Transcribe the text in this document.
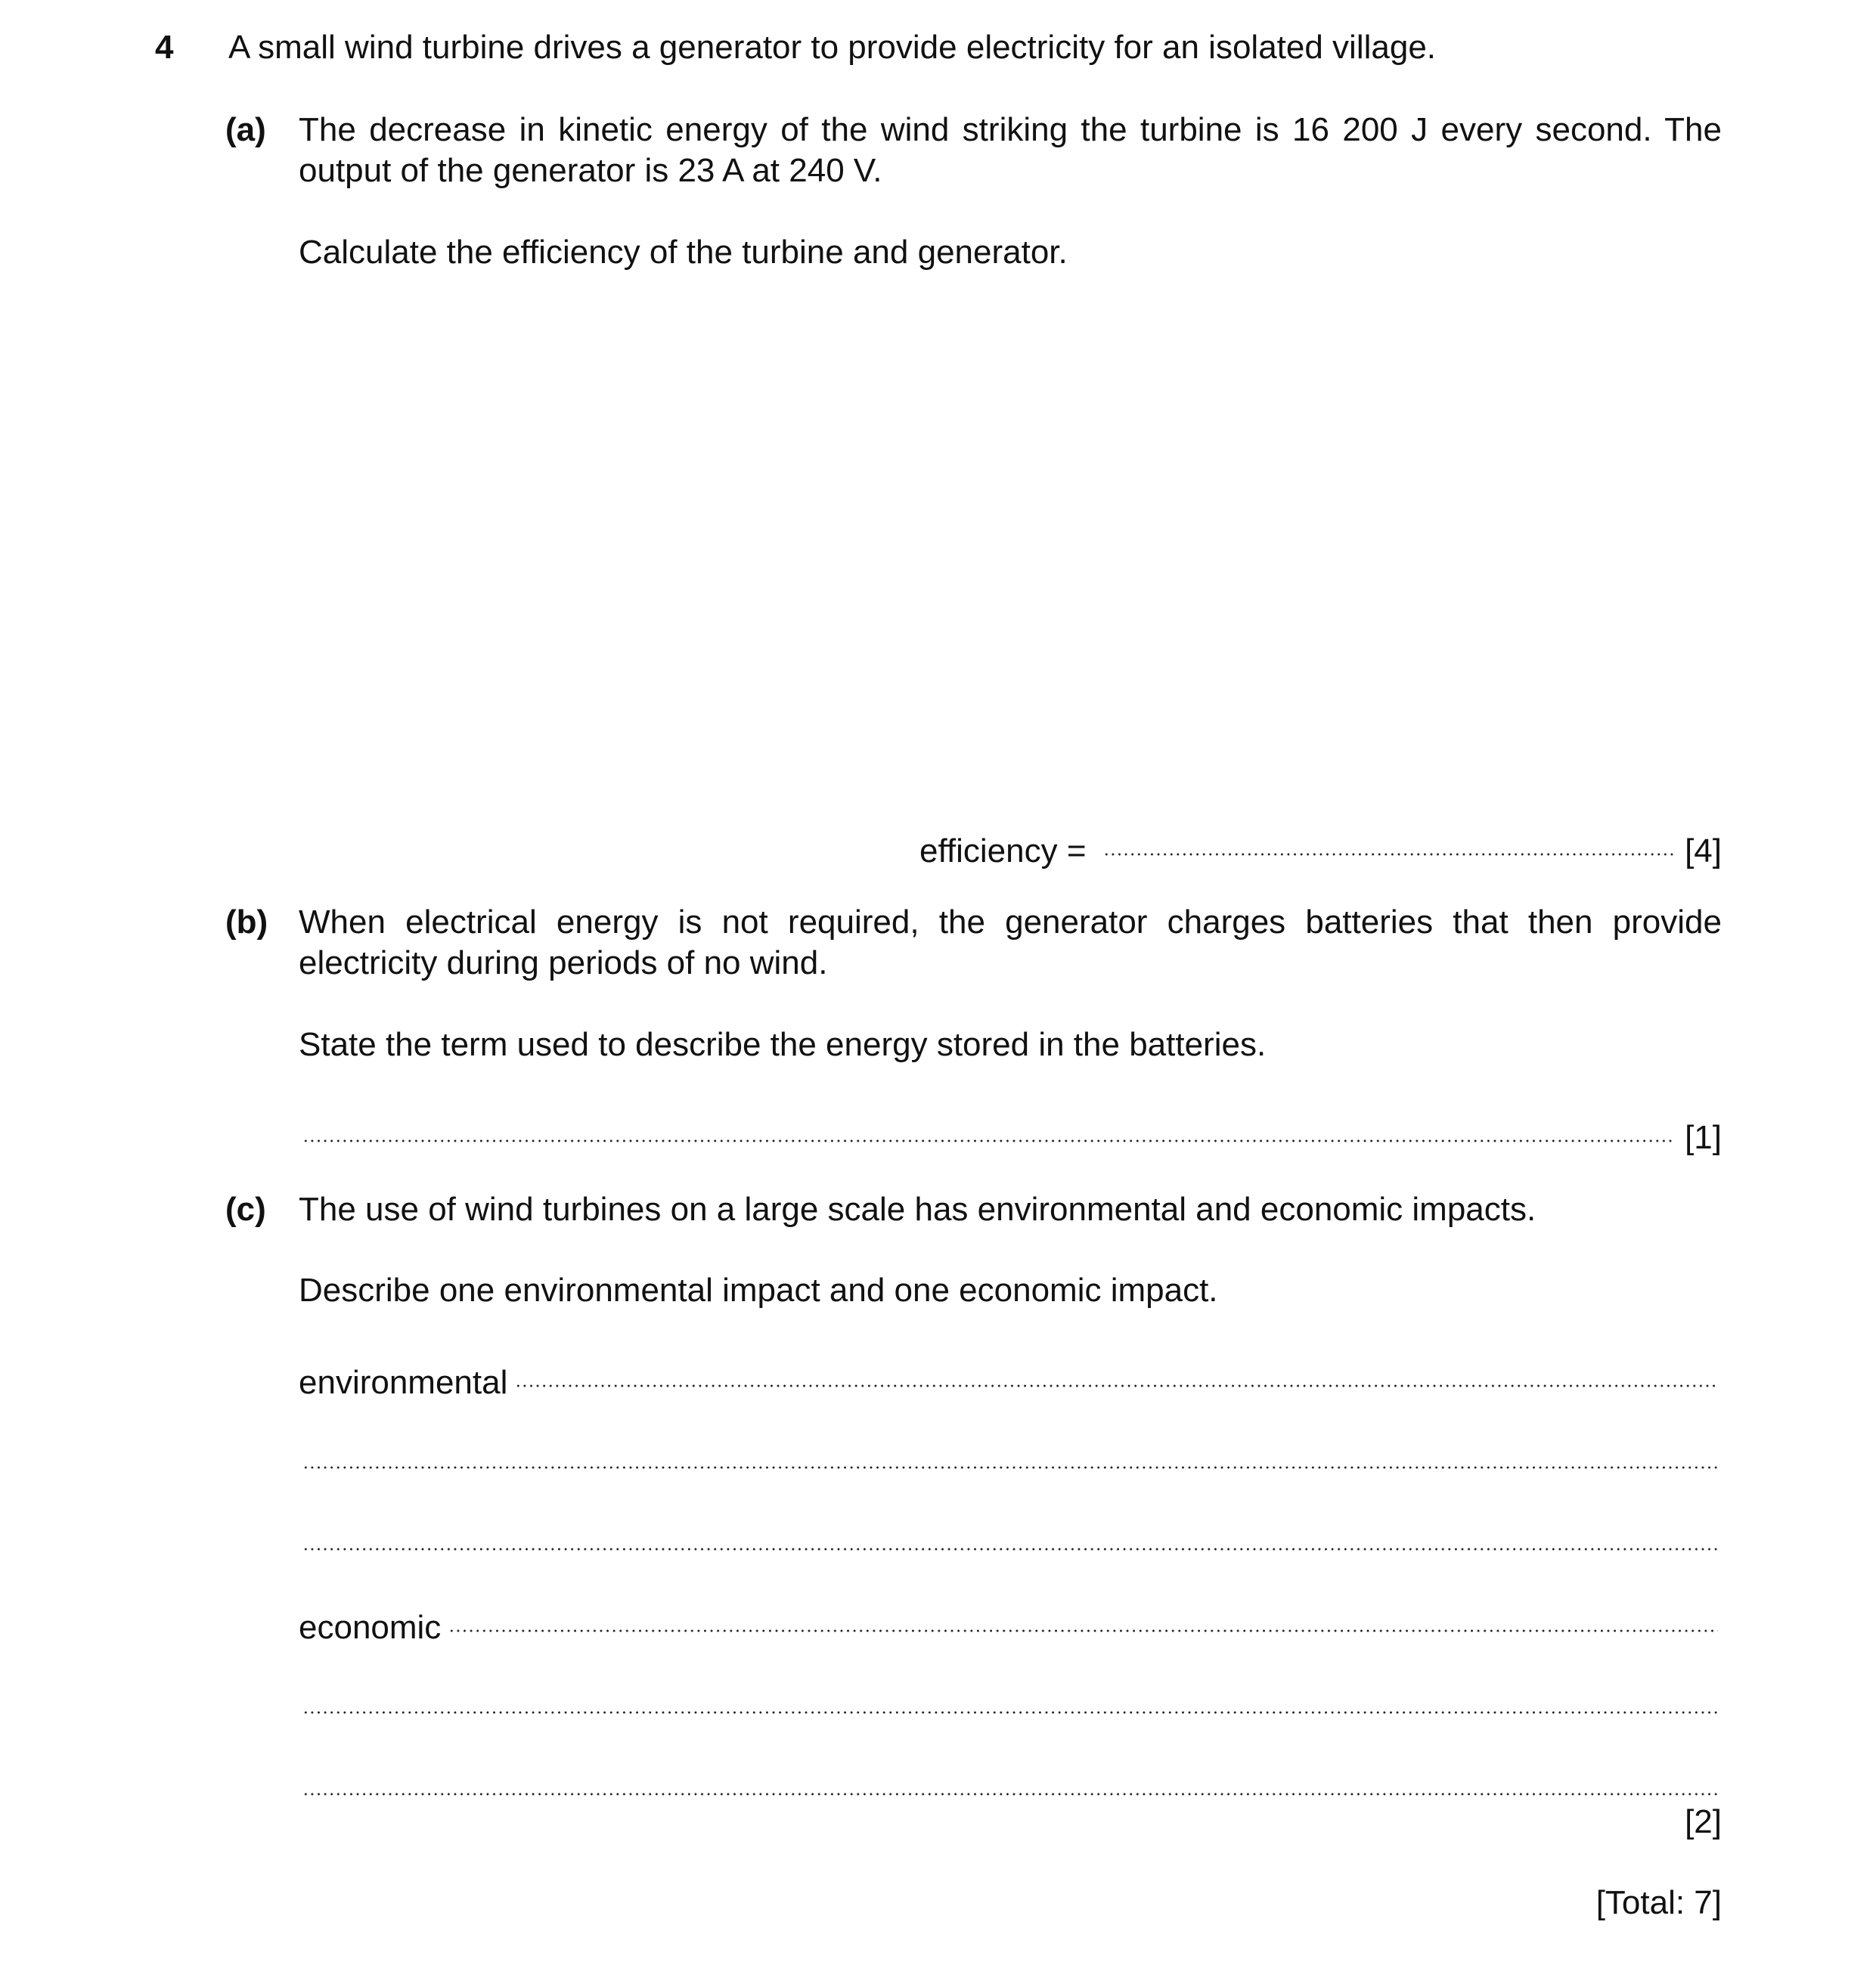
4 A small wind turbine drives a generator to provide electricity for an isolated village.
(a) The decrease in kinetic energy of the wind striking the turbine is 16 200 J every second. The output of the generator is 23 A at 240 V.
Calculate the efficiency of the turbine and generator.
efficiency =	[4]
(b) When electrical energy is not required, the generator charges batteries that then provide electricity during periods of no wind.
State the term used to describe the energy stored in the batteries.
[1]
(c) The use of wind turbines on a large scale has environmental and economic impacts.
Describe one environmental impact and one economic impact.
environmental
economic
[2]
[Total: 7]
